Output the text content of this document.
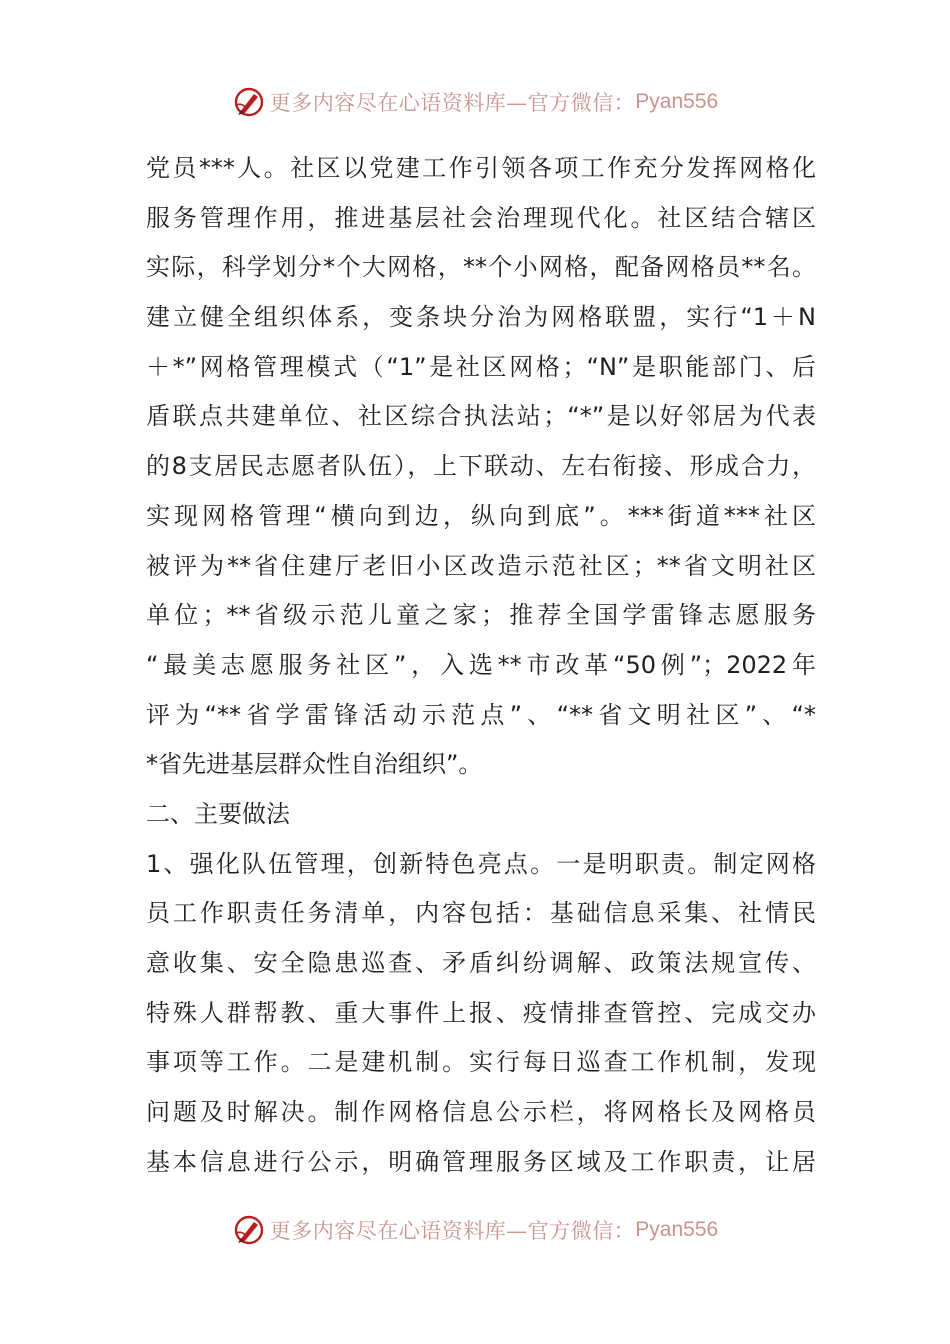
更多内容尽在心语资料库—官方微信： Pyan556
党员***人。社区以党建工作引领各项工作充分发挥网格化
服务管理作用，推进基层社会治理现代化。社区结合辖区
实际，科学划分*个大网格，**个小网格，配备网格员**名。
建立健全组织体系，变条块分治为网格联盟，实行“1＋N
＋*”网格管理模式（“1”是社区网格；“N”是职能部门、后
盾联点共建单位、社区综合执法站；“*”是以好邻居为代表
的8支居民志愿者队伍），上下联动、左右衔接、形成合力，
实现网格管理“横向到边，纵向到底”。***街道***社区
被评为**省住建厅老旧小区改造示范社区；**省文明社区
单位；**省级示范儿童之家；推荐全国学雷锋志愿服务
“最美志愿服务社区”，入选**市改革“50例”；2022年
评为“**省学雷锋活动示范点”、“**省文明社区”、“*
*省先进基层群众性自治组织”。
二、主要做法
1、强化队伍管理，创新特色亮点。一是明职责。制定网格
员工作职责任务清单，内容包括：基础信息采集、社情民
意收集、安全隐患巡查、矛盾纠纷调解、政策法规宣传、
特殊人群帮教、重大事件上报、疫情排查管控、完成交办
事项等工作。二是建机制。实行每日巡查工作机制，发现
问题及时解决。制作网格信息公示栏，将网格长及网格员
基本信息进行公示，明确管理服务区域及工作职责，让居
更多内容尽在心语资料库—官方微信： Pyan556
